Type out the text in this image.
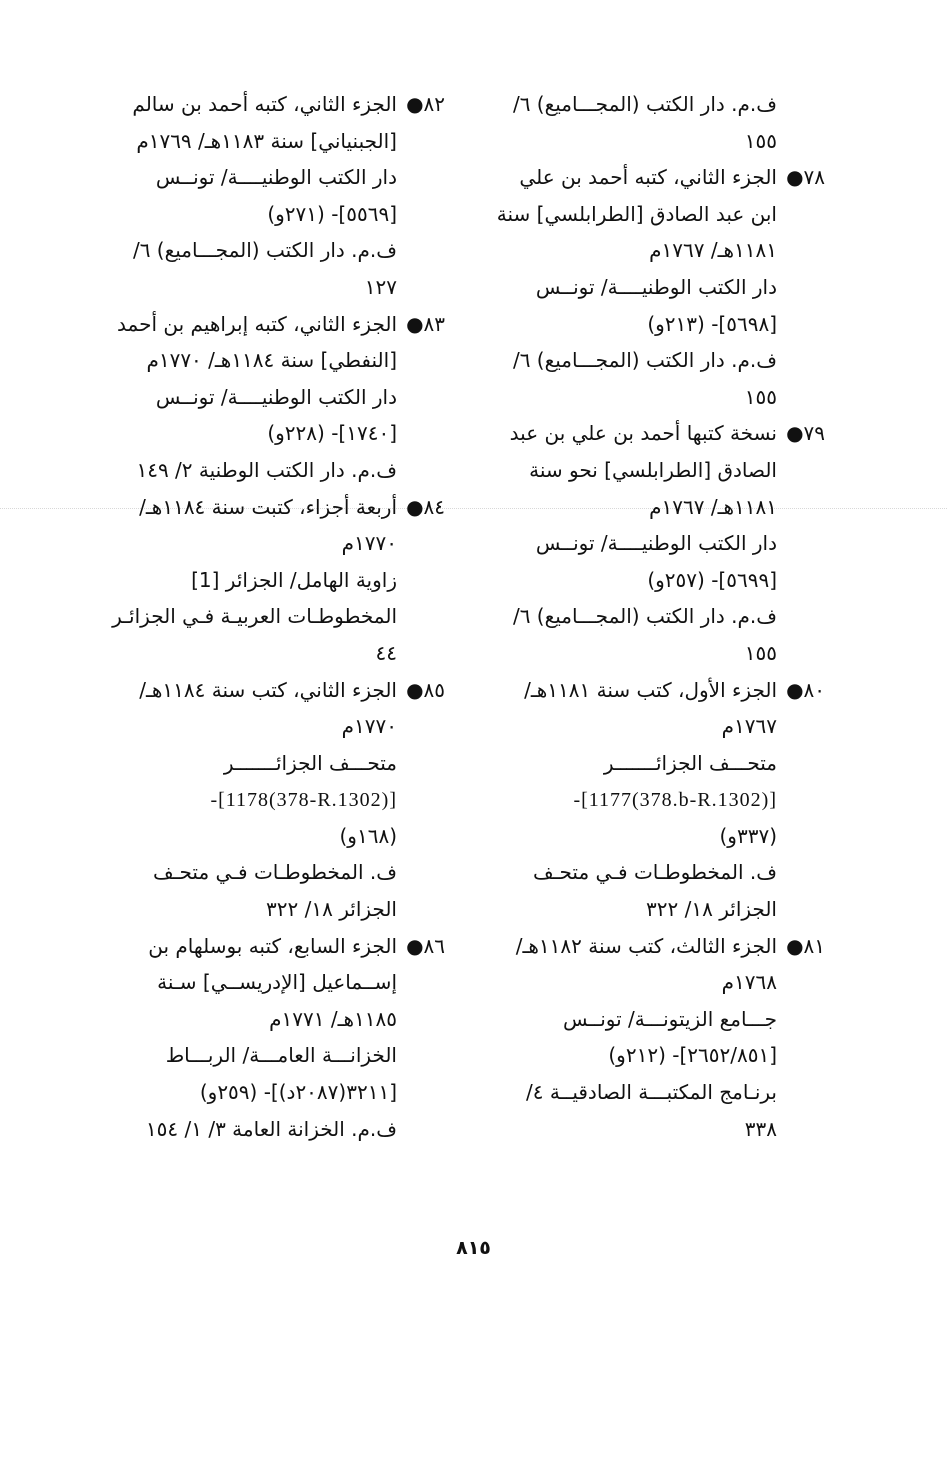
ف.م. دار الكتب (المجـــاميع) ٦/
١٥٥
٧٨●
الجزء الثاني، كتبه أحمد بن علي
ابن عبد الصادق [الطرابلسي] سنة
١١٨١هـ/ ١٧٦٧م
دار الكتب الوطنيــــة/ تونــس
[٥٦٩٨]- (٢١٣و)
ف.م. دار الكتب (المجـــاميع) ٦/
١٥٥
٧٩●
نسخة كتبها أحمد بن علي بن عبد
الصادق [الطرابلسي] نحو سنة
١١٨١هـ/ ١٧٦٧م
دار الكتب الوطنيــــة/ تونــس
[٥٦٩٩]- (٢٥٧و)
ف.م. دار الكتب (المجـــاميع) ٦/
١٥٥
٨٠●
الجزء الأول، كتب سنة ١١٨١هـ/
١٧٦٧م
متحـــف الجزائـــــــر
-[1177(378.b-R.1302)]
(٣٣٧و)
ف. المخطوطـات فـي متحـف
الجزائر ١٨/ ٣٢٢
٨١●
الجزء الثالث، كتب سنة ١١٨٢هـ/
١٧٦٨م
جـــامع الزيتونـــة/ تونــس
[٢٦٥٢/٨٥١]- (٢١٢و)
برنـامج المكتبـــة الصادقيــة ٤/
٣٣٨
٨٢●
الجزء الثاني، كتبه أحمد بن سالم
[الجبنياني] سنة ١١٨٣هـ/ ١٧٦٩م
دار الكتب الوطنيــــة/ تونــس
[٥٥٦٩]- (٢٧١و)
ف.م. دار الكتب (المجـــاميع) ٦/
١٢٧
٨٣●
الجزء الثاني، كتبه إبراهيم بن أحمد
[النفطي] سنة ١١٨٤هـ/ ١٧٧٠م
دار الكتب الوطنيــــة/ تونــس
[١٧٤٠]- (٢٢٨و)
ف.م. دار الكتب الوطنية ٢/ ١٤٩
٨٤●
أربعة أجزاء، كتبت سنة ١١٨٤هـ/
١٧٧٠م
زاوية الهامل/ الجزائر [1]
المخطوطـات العربيـة فـي الجزائـر
٤٤
٨٥●
الجزء الثاني، كتب سنة ١١٨٤هـ/
١٧٧٠م
متحـــف الجزائـــــــر
-[1178(378-R.1302)]
(١٦٨و)
ف. المخطوطـات فـي متحـف
الجزائر ١٨/ ٣٢٢
٨٦●
الجزء السابع، كتبه بوسلهام بن
إســماعيل [الإدريســي] سـنة
١١٨٥هـ/ ١٧٧١م
الخزانـــة العامـــة/ الربـــاط
[٣٢١١(٢٠٨٧د)]- (٢٥٩و)
ف.م. الخزانة العامة ٣/ ١/ ١٥٤
٨١٥
